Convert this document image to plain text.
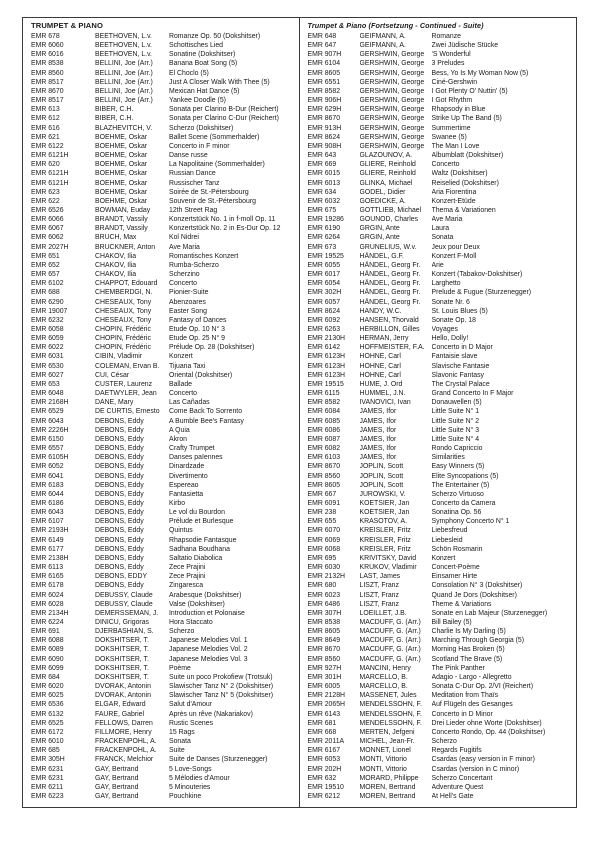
TRUMPET & PIANO
EMR 678	BEETHOVEN, L.v.	Romanze Op. 50 (Dokshitser)
EMR 6060	BEETHOVEN, L.v.	Schottisches Lied
EMR 6016	BEETHOVEN, L.v.	Sonatine (Dokshitser)
EMR 8538	BELLINI, Joe (Arr.)	Banana Boat Song (5)
EMR 8560	BELLINI, Joe (Arr.)	El Choclo (5)
EMR 8517	BELLINI, Joe (Arr.)	Just A Closer Walk With Thee (5)
EMR 8670	BELLINI, Joe (Arr.)	Mexican Hat Dance (5)
EMR 8517	BELLINI, Joe (Arr.)	Yankee Doodle (5)
EMR 613	BIBER, C.H.	Sonata per Clarino B-Dur (Reichert)
EMR 612	BIBER, C.H.	Sonata per Clarino C-Dur (Reichert)
EMR 616	BLAZHEVITCH, V.	Scherzo (Dokshitser)
EMR 621	BOEHME, Oskar	Ballet Scene (Sommerhalder)
EMR 6122	BOEHME, Oskar	Concerto in F minor
EMR 6121H	BOEHME, Oskar	Danse russe
EMR 620	BOEHME, Oskar	La Napolitaine (Sommerhalder)
EMR 6121H	BOEHME, Oskar	Russian Dance
EMR 6121H	BOEHME, Oskar	Russischer Tanz
EMR 623	BOEHME, Oskar	Soirée de St.-Pétersbourg
EMR 622	BOEHME, Oskar	Souvenir de St.-Pétersbourg
EMR 6526	BOWMAN, Euday	12th Street Rag
EMR 6066	BRANDT, Vassily	Konzertstück No. 1 in f-moll Op. 11
EMR 6067	BRANDT, Vassily	Konzertstück No. 2 in Es-Dur Op. 12
EMR 6062	BRUCH, Max	Kol Nidrei
EMR 2027H	BRUCKNER, Anton	Ave Maria
EMR 651	CHAKOV, Ilia	Romantisches Konzert
EMR 652	CHAKOV, Ilia	Rumba-Scherzo
EMR 657	CHAKOV, Ilia	Scherzino
EMR 6102	CHAPPOT, Edouard	Concerto
EMR 688	CHEMBERDGI, N.	Pionier-Suite
EMR 6290	CHESEAUX, Tony	Abenzoares
EMR 19007	CHESEAUX, Tony	Easter Song
EMR 6232	CHESEAUX, Tony	Fantasy of Dances
EMR 6058	CHOPIN, Frédéric	Etude Op. 10 N° 3
EMR 6059	CHOPIN, Frédéric	Etude Op. 25 N° 9
EMR 6022	CHOPIN, Frédéric	Prélude Op. 28 (Dokshitser)
EMR 6031	CIBIN, Vladimir	Konzert
EMR 6530	COLEMAN, Ervan B.	Tijuana Taxi
EMR 6027	CUI, César	Oriental (Dokshitser)
EMR 653	CUSTER, Laurenz	Ballade
EMR 6048	DAETWYLER, Jean	Concerto
EMR 2168H	DANE, Mary	Las Cañadas
EMR 6529	DE CURTIS, Ernesto	Come Back To Sorrento
EMR 6043	DEBONS, Eddy	A Bumble Bee's Fantasy
EMR 2226H	DEBONS, Eddy	A Quia
EMR 6150	DEBONS, Eddy	Akron
EMR 6557	DEBONS, Eddy	Crafty Trumpet
EMR 6105H	DEBONS, Eddy	Danses païennes
EMR 6052	DEBONS, Eddy	Dinardzade
EMR 6041	DEBONS, Eddy	Divertimento
EMR 6183	DEBONS, Eddy	Espereao
EMR 6044	DEBONS, Eddy	Fantasietta
EMR 6186	DEBONS, Eddy	Kirbo
EMR 6043	DEBONS, Eddy	Le vol du Bourdon
EMR 6107	DEBONS, Eddy	Prélude et Burlesque
EMR 2193H	DEBONS, Eddy	Quintus
EMR 6149	DEBONS, Eddy	Rhapsodie Fantasque
EMR 6177	DEBONS, Eddy	Sadhana Boudhana
EMR 2138H	DEBONS, Eddy	Saltatio Diabolica
EMR 6113	DEBONS, Eddy	Zece Prajini
EMR 6165	DEBONS, EDDY	Zece Prajini
EMR 6178	DEBONS, Eddy	Zingaresca
EMR 6024	DEBUSSY, Claude	Arabesque (Dokshitser)
EMR 6028	DEBUSSY, Claude	Valse (Dokshitser)
EMR 2134H	DEMERSSEMAN, J.	Introduction et Polonaise
EMR 6224	DINICU, Grigoras	Hora Staccato
EMR 691	DJERBASHIAN, S.	Scherzo
EMR 6088	DOKSHITSER, T.	Japanese Melodies Vol. 1
EMR 6089	DOKSHITSER, T.	Japanese Melodies Vol. 2
EMR 6090	DOKSHITSER, T.	Japanese Melodies Vol. 3
EMR 6099	DOKSHITSER, T.	Poème
EMR 684	DOKSHITSER, T.	Suite un poco Prokofiew (Trotsuk)
EMR 6020	DVORAK, Antonin	Slawischer Tanz N° 2 (Dokshitser)
EMR 6025	DVORAK, Antonin	Slawischer Tanz N° 5 (Dokshitser)
EMR 6536	ELGAR, Edward	Salut d'Amour
EMR 6132	FAURE, Gabriel	Après un rêve (Nakariakov)
EMR 6525	FELLOWS, Darren	Rustic Scenes
EMR 6172	FILLMORE, Henry	15 Rags
EMR 6010	FRACKENPOHL, A.	Sonata
EMR 685	FRACKENPOHL, A.	Suite
EMR 305H	FRANCK, Melchior	Suite de Danses (Sturzenegger)
EMR 6231	GAY, Bertrand	5 Love-Songs
EMR 6231	GAY, Bertrand	5 Mélodies d'Amour
EMR 6211	GAY, Bertrand	5 Minouteries
EMR 6223	GAY, Bertrand	Pouchkine
Trumpet & Piano (Fortsetzung - Continued - Suite)
EMR 648	GEIFMANN, A.	Romanze
EMR 647	GEIFMANN, A.	Zwei Jüdische Stücke
EMR 907H	GERSHWIN, George	'S Wonderful
EMR 6104	GERSHWIN, George	3 Preludes
EMR 8605	GERSHWIN, George	Bess, Yo Is My Woman Now (5)
EMR 6551	GERSHWIN, George	Ciné-Gershwin
EMR 8582	GERSHWIN, George	I Got Plenty O' Nuttin' (5)
EMR 906H	GERSHWIN, George	I Got Rhythm
EMR 629H	GERSHWIN, George	Rhapsody in Blue
EMR 8670	GERSHWIN, George	Strike Up The Band (5)
EMR 913H	GERSHWIN, George	Summertime
EMR 8624	GERSHWIN, George	Swanee (5)
EMR 908H	GERSHWIN, George	The Man I Love
EMR 643	GLAZOUNOV, A.	Albumblatt (Dokshitser)
EMR 669	GLIERE, Reinhold	Concerto
EMR 6015	GLIERE, Reinhold	Waltz (Dokshitser)
EMR 6013	GLINKA, Michael	Reiselied (Dokshitser)
EMR 634	GODEL, Didier	Aria Fiorentina
EMR 6032	GOEDICKE, A.	Konzert-Etüde
EMR 675	GOTTLIEB, Michael	Thema & Variationen
EMR 19286	GOUNOD, Charles	Ave Maria
EMR 6190	GRGIN, Ante	Laura
EMR 6264	GRGIN, Ante	Sonata
EMR 673	GRUNELIUS, W.v.	Jeux pour Deux
EMR 19525	HÄNDEL, G.F.	Konzert F-Moll
EMR 6055	HÄNDEL, Georg Fr.	Arie
EMR 6017	HÄNDEL, Georg Fr.	Konzert (Tabakov-Dokshitser)
EMR 6054	HÄNDEL, Georg Fr.	Larghetto
EMR 302H	HÄNDEL, Georg Fr.	Prelude & Fugue (Sturzenegger)
EMR 6057	HÄNDEL, Georg Fr.	Sonate Nr. 6
EMR 8624	HANDY, W.C.	St. Louis Blues (5)
EMR 6092	HANSEN, Thorvald	Sonate Op. 18
EMR 6263	HERBILLON, Gilles	Voyages
EMR 2130H	HERMAN, Jerry	Hello, Dolly!
EMR 6142	HOFFMEISTER, F.A.	Concerto in D Major
EMR 6123H	HÖHNE, Carl	Fantaisie slave
EMR 6123H	HÖHNE, Carl	Slavische Fantasie
EMR 6123H	HÖHNE, Carl	Slavonic Fantasy
EMR 19515	HUME, J. Ord	The Crystal Palace
EMR 6115	HUMMEL, J.N.	Grand Concerto In F Major
EMR 8582	IVANOVICI, Ivan	Donauwellen (5)
EMR 6084	JAMES, Ifor	Little Suite N° 1
EMR 6085	JAMES, Ifor	Little Suite N° 2
EMR 6086	JAMES, Ifor	Little Suite N° 3
EMR 6087	JAMES, Ifor	Little Suite N° 4
EMR 6082	JAMES, Ifor	Rondo Capriccio
EMR 6103	JAMES, Ifor	Similarities
EMR 8670	JOPLIN, Scott	Easy Winners (5)
EMR 8560	JOPLIN, Scott	Elite Syncopations (5)
EMR 8605	JOPLIN, Scott	The Entertainer (5)
EMR 667	JUROWSKI, V.	Scherzo Virtuoso
EMR 6091	KOETSIER, Jan	Concerto da Camera
EMR 238	KOETSIER, Jan	Sonatina Op. 56
EMR 655	KRASOTOV, A.	Symphony Concerto N° 1
EMR 6070	KREISLER, Fritz	Liebesfreud
EMR 6069	KREISLER, Fritz	Liebesleid
EMR 6068	KREISLER, Fritz	Schön Rosmarin
EMR 695	KRIVITSKY, David	Konzert
EMR 6030	KRUKOV, Vladimir	Concert-Poème
EMR 2132H	LAST, James	Einsamer Hirte
EMR 680	LISZT, Franz	Consolation N° 3 (Dokshitser)
EMR 6023	LISZT, Franz	Quand Je Dors (Dokshitser)
EMR 6486	LISZT, Franz	Theme & Variations
EMR 307H	LOEILLET, J.B.	Sonate en Lab Majeur (Sturzenegger)
EMR 8538	MACDUFF, G. (Arr.)	Bill Bailey (5)
EMR 8605	MACDUFF, G. (Arr.)	Charlie Is My Darling (5)
EMR 8649	MACDUFF, G. (Arr.)	Marching Through Georgia (5)
EMR 8670	MACDUFF, G. (Arr.)	Morning Has Broken (5)
EMR 8560	MACDUFF, G. (Arr.)	Scotland The Brave (5)
EMR 927H	MANCINI, Henry	The Pink Panther
EMR 301H	MARCELLO, B.	Adagio - Largo - Allegretto
EMR 6005	MARCELLO, B.	Sonata C-Dur Op. 2/VI (Reichert)
EMR 2128H	MASSENET, Jules	Meditation from Thaïs
EMR 2065H	MENDELSSOHN, F.	Auf Flügeln des Gesanges
EMR 6143	MENDELSSOHN, F.	Concerto in D Minor
EMR 681	MENDELSSOHN, F.	Drei Lieder ohne Worte (Dokshitser)
EMR 668	MERTEN, Jefgeni	Concerto Rondo, Op. 44 (Dokshitser)
EMR 2011A	MICHEL, Jean-Fr.	Scherzo
EMR 6167	MONNET, Lionel	Regards Fugitifs
EMR 6053	MONTI, Vittorio	Csardas (easy version in F minor)
EMR 202H	MONTI, Vittorio	Csardas (version in C minor)
EMR 632	MORARD, Philippe	Scherzo Concertant
EMR 19510	MOREN, Bertrand	Adventure Quest
EMR 6212	MOREN, Bertrand	At Hell's Gate
